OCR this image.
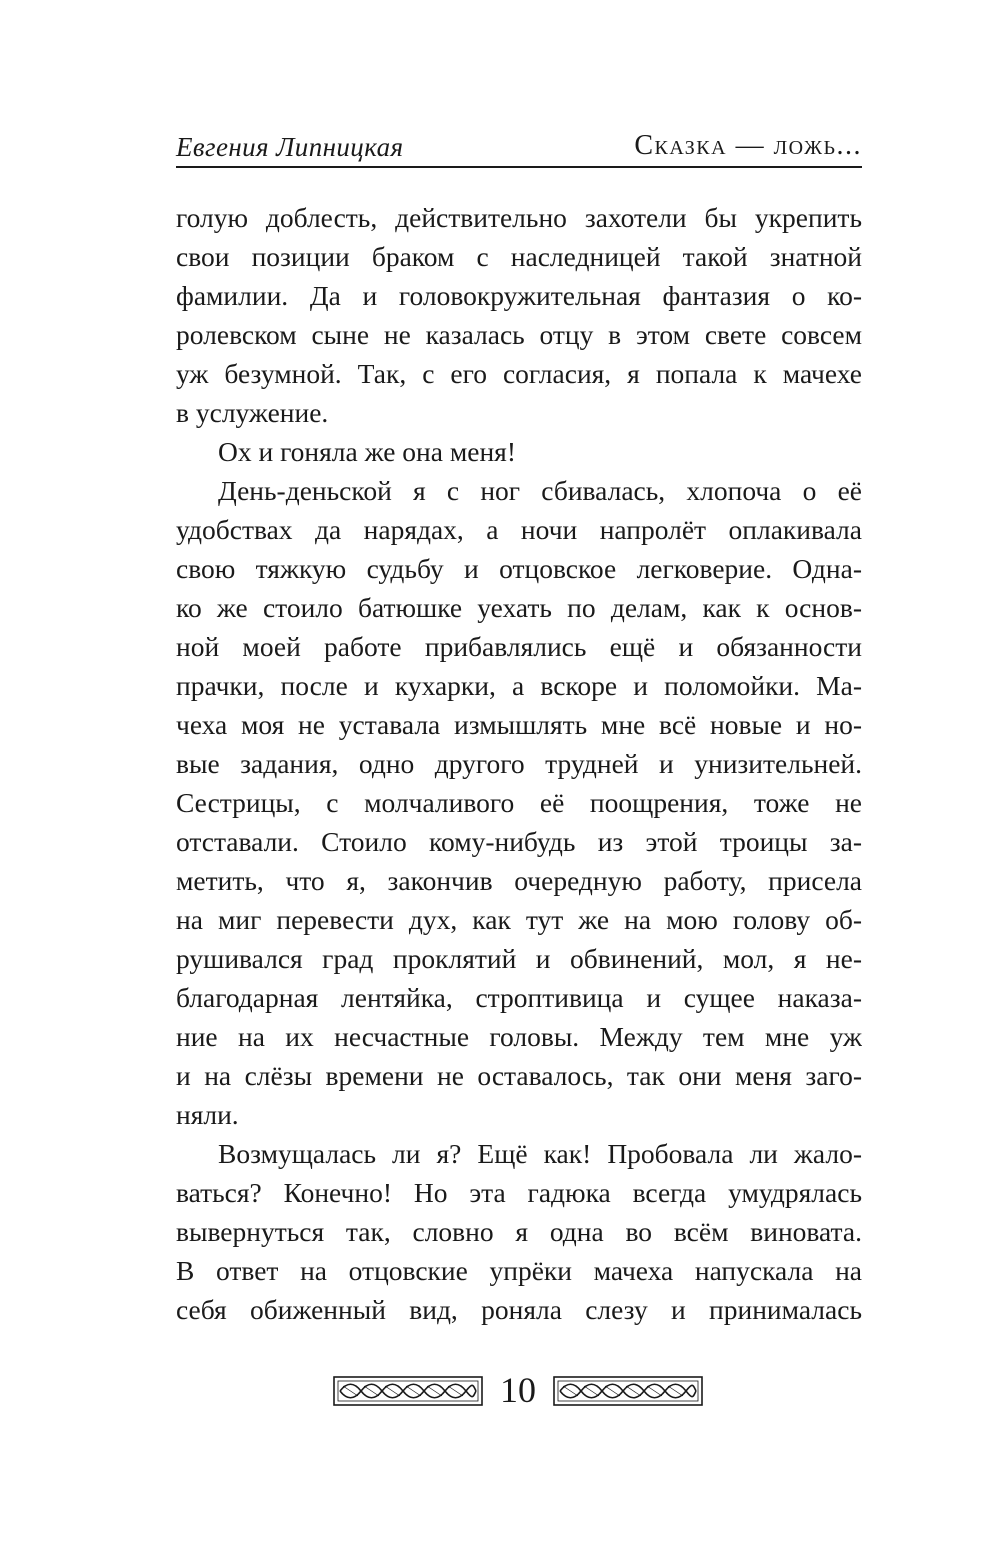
Евгения Липницкая	Сказка — ложь...
голую доблесть, действительно захотели бы укрепить
свои позиции браком с наследницей такой знатной
фамилии. Да и головокружительная фантазия о ко-
ролевском сыне не казалась отцу в этом свете совсем
уж безумной. Так, с его согласия, я попала к мачехе
в услужение.
Ох и гоняла же она меня!
День-деньской я с ног сбивалась, хлопоча о её
удобствах да нарядах, а ночи напролёт оплакивала
свою тяжкую судьбу и отцовское легковерие. Одна-
ко же стоило батюшке уехать по делам, как к основ-
ной моей работе прибавлялись ещё и обязанности
прачки, после и кухарки, а вскоре и поломойки. Ма-
чеха моя не уставала измышлять мне всё новые и но-
вые задания, одно другого трудней и унизительней.
Сестрицы, с молчаливого её поощрения, тоже не
отставали. Стоило кому-нибудь из этой троицы за-
метить, что я, закончив очередную работу, присела
на миг перевести дух, как тут же на мою голову об-
рушивался град проклятий и обвинений, мол, я не-
благодарная лентяйка, строптивица и сущее наказа-
ние на их несчастные головы. Между тем мне уж
и на слёзы времени не оставалось, так они меня заго-
няли.
Возмущалась ли я? Ещё как! Пробовала ли жало-
ваться? Конечно! Но эта гадюка всегда умудрялась
вывернуться так, словно я одна во всём виновата.
В ответ на отцовские упрёки мачеха напускала на
себя обиженный вид, роняла слезу и принималась
10
